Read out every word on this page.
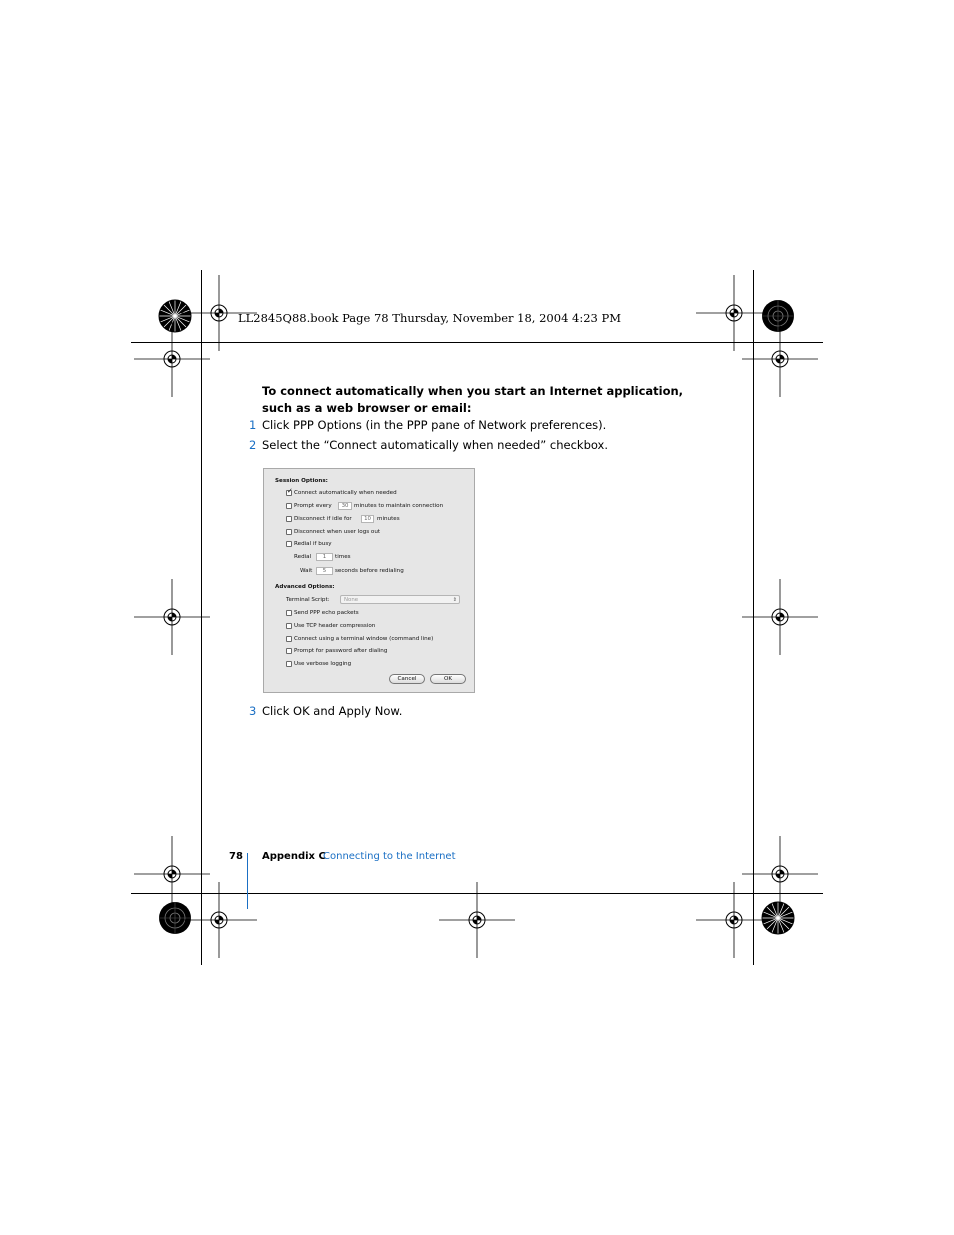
LL2845Q88.book Page 78 Thursday, November 18, 2004 4:23 PM
To connect automatically when you start an Internet application, such as a web browser or email:
1 Click PPP Options (in the PPP pane of Network preferences).
2 Select the “Connect automatically when needed” checkbox.
Session Options:
✓ Connect automatically when needed
Prompt every	30 minutes to maintain connection
Disconnect if idle for	10	minutes
Disconnect when user logs out
Redial if busy
Redial	1	times
Wait	5	seconds before redialing
Advanced Options:
Terminal Script:	None	⇕
Send PPP echo packets
Use TCP header compression
Connect using a terminal window (command line)
Prompt for password after dialing
Use verbose logging
Cancel	OK
3 Click OK and Apply Now.
78 Appendix C
Connecting to the Internet
